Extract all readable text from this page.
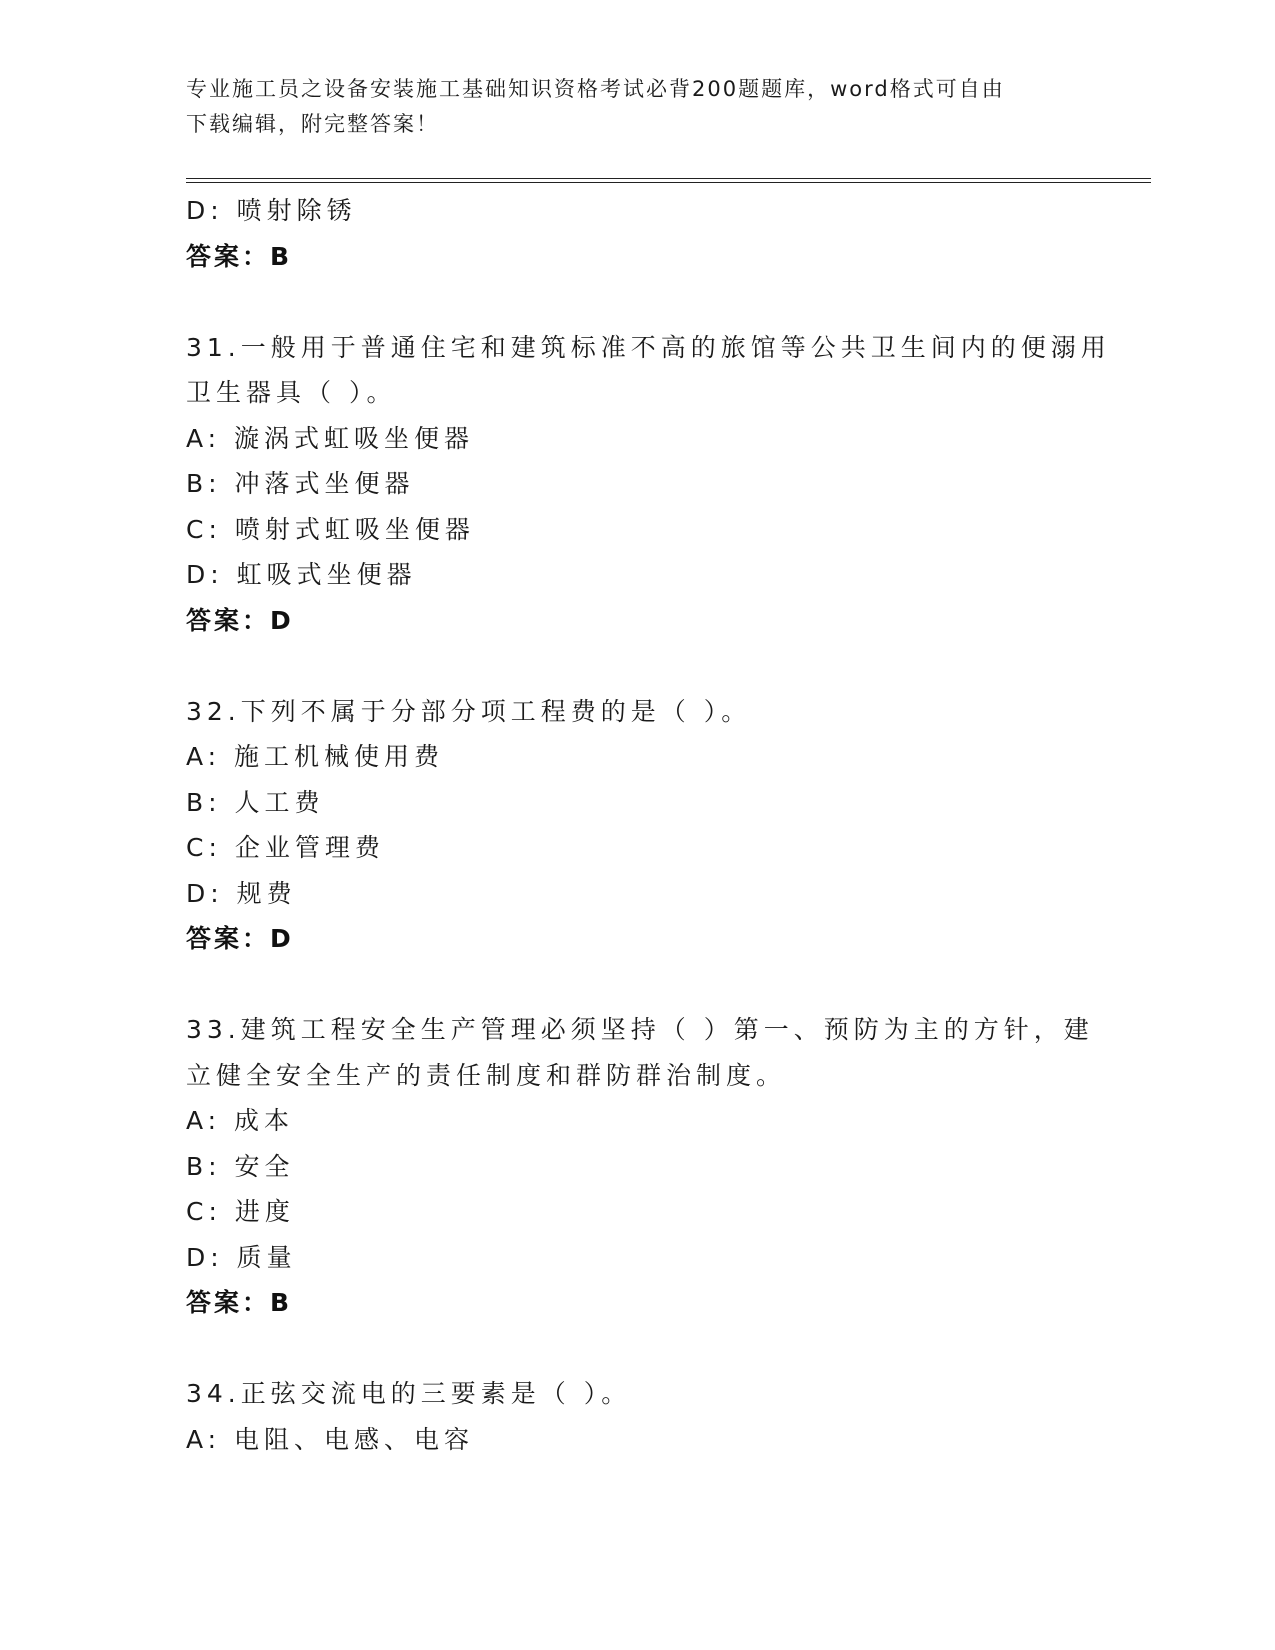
专业施工员之设备安装施工基础知识资格考试必背200题题库，word格式可自由
下载编辑，附完整答案！
D: 喷射除锈
答案：B
31.一般用于普通住宅和建筑标准不高的旅馆等公共卫生间内的便溺用
卫生器具（ ）。
A: 漩涡式虹吸坐便器
B: 冲落式坐便器
C: 喷射式虹吸坐便器
D: 虹吸式坐便器
答案：D
32.下列不属于分部分项工程费的是（ ）。
A: 施工机械使用费
B: 人工费
C: 企业管理费
D: 规费
答案：D
33.建筑工程安全生产管理必须坚持（ ）第一、预防为主的方针，建
立健全安全生产的责任制度和群防群治制度。
A: 成本
B: 安全
C: 进度
D: 质量
答案：B
34.正弦交流电的三要素是（ ）。
A: 电阻、电感、电容
